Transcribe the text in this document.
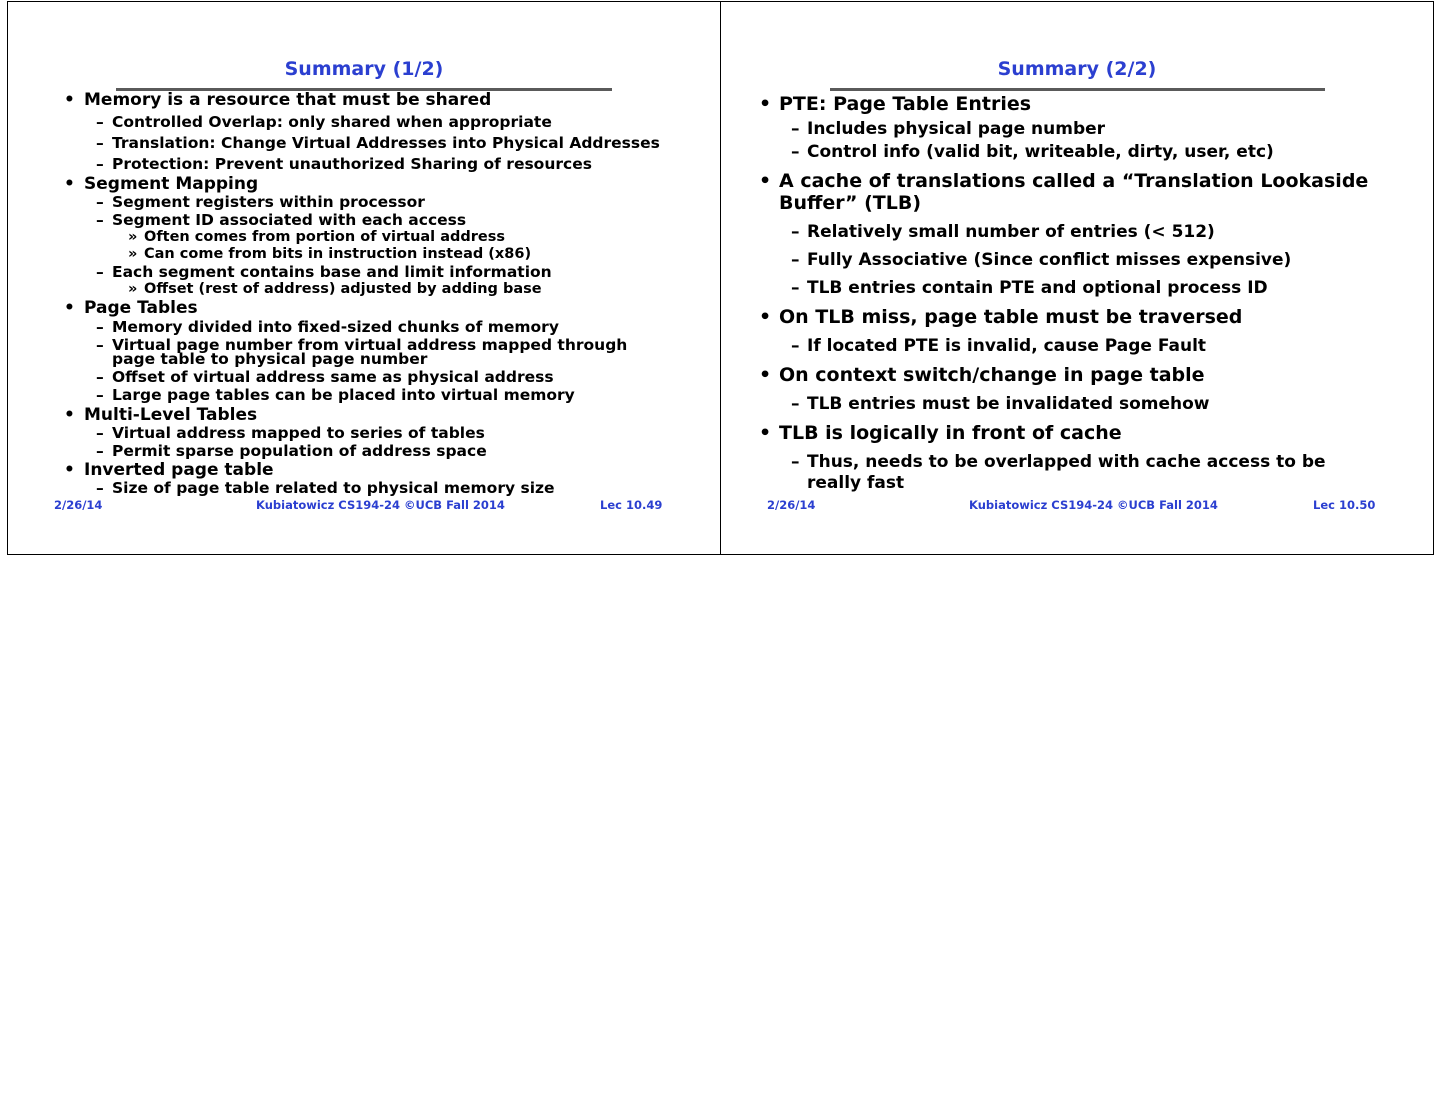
Summary (1/2)
• Memory is a resource that must be shared
– Controlled Overlap: only shared when appropriate
– Translation: Change Virtual Addresses into Physical Addresses
– Protection: Prevent unauthorized Sharing of resources
• Segment Mapping
– Segment registers within processor
– Segment ID associated with each access
» Often comes from portion of virtual address
» Can come from bits in instruction instead (x86)
– Each segment contains base and limit information
» Offset (rest of address) adjusted by adding base
• Page Tables
– Memory divided into fixed-sized chunks of memory
– Virtual page number from virtual address mapped through
page table to physical page number
– Offset of virtual address same as physical address
– Large page tables can be placed into virtual memory
• Multi-Level Tables
– Virtual address mapped to series of tables
– Permit sparse population of address space
• Inverted page table
– Size of page table related to physical memory size
2/26/14	Kubiatowicz CS194-24 ©UCB Fall 2014	Lec 10.49
Summary (2/2)
• PTE: Page Table Entries
– Includes physical page number
– Control info (valid bit, writeable, dirty, user, etc)
• A cache of translations called a “Translation Lookaside
Buffer” (TLB)
– Relatively small number of entries (< 512)
– Fully Associative (Since conflict misses expensive)
– TLB entries contain PTE and optional process ID
• On TLB miss, page table must be traversed
– If located PTE is invalid, cause Page Fault
• On context switch/change in page table
– TLB entries must be invalidated somehow
• TLB is logically in front of cache
– Thus, needs to be overlapped with cache access to be
really fast
2/26/14	Kubiatowicz CS194-24 ©UCB Fall 2014	Lec 10.50
